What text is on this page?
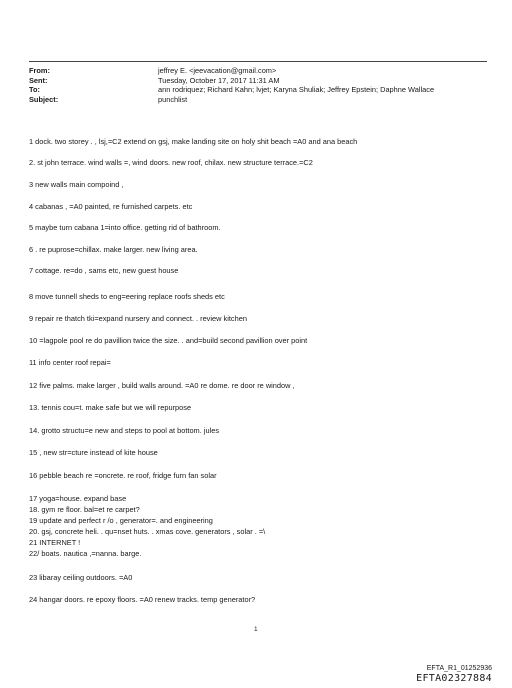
From:	jeffrey E. <jeevacation@gmail.com>
Sent:	Tuesday, October 17, 2017 11:31 AM
To:	ann rodriquez; Richard Kahn; lvjet; Karyna Shuliak; Jeffrey Epstein; Daphne Wallace
Subject:	punchlist
1 dock. two storey . , lsj,=C2 extend on gsj, make landing site on holy shit beach =A0 and ana beach
2. st john terrace. wind walls =, wind doors. new roof, chilax. new structure terrace.=C2
3 new walls main compoind ,
4 cabanas , =A0 painted, re furnished carpets. etc
5 maybe turn cabana 1=into office. getting rid of bathroom.
6 . re puprose=chillax. make larger. new living area.
7 cottage. re=do , sams etc, new guest house
8 move tunnell sheds to eng=eering replace roofs sheds etc
9 repair re thatch tki=expand nursery and connect. . review kitchen
10 =lagpole pool re do pavillion twice the size. . and=build second pavillion over point
11 info center roof repai=
12 five palms. make larger , build walls around. =A0 re dome. re door re window ,
13. tennis cou=t. make safe but we will repurpose
14. grotto structu=e new and steps to pool at bottom. jules
15 , new str=cture instead of kite house
16 pebble beach re =oncrete. re roof, fridge furn fan solar
17 yoga=house. expand base
18. gym re floor. bal=et re carpet?
19 update and perfect r /o , generator=. and engineering
20. gsj, concrete heli. . qu=nset huts. . xmas cove. generators , solar . =\
21 INTERNET !
22/ boats. nautica ,=nanna. barge.
23 libaray ceiling outdoors. =A0
24 hangar doors. re epoxy floors. =A0 renew tracks. temp generator?
1
EFTA_R1_01252936
EFTA02327884
